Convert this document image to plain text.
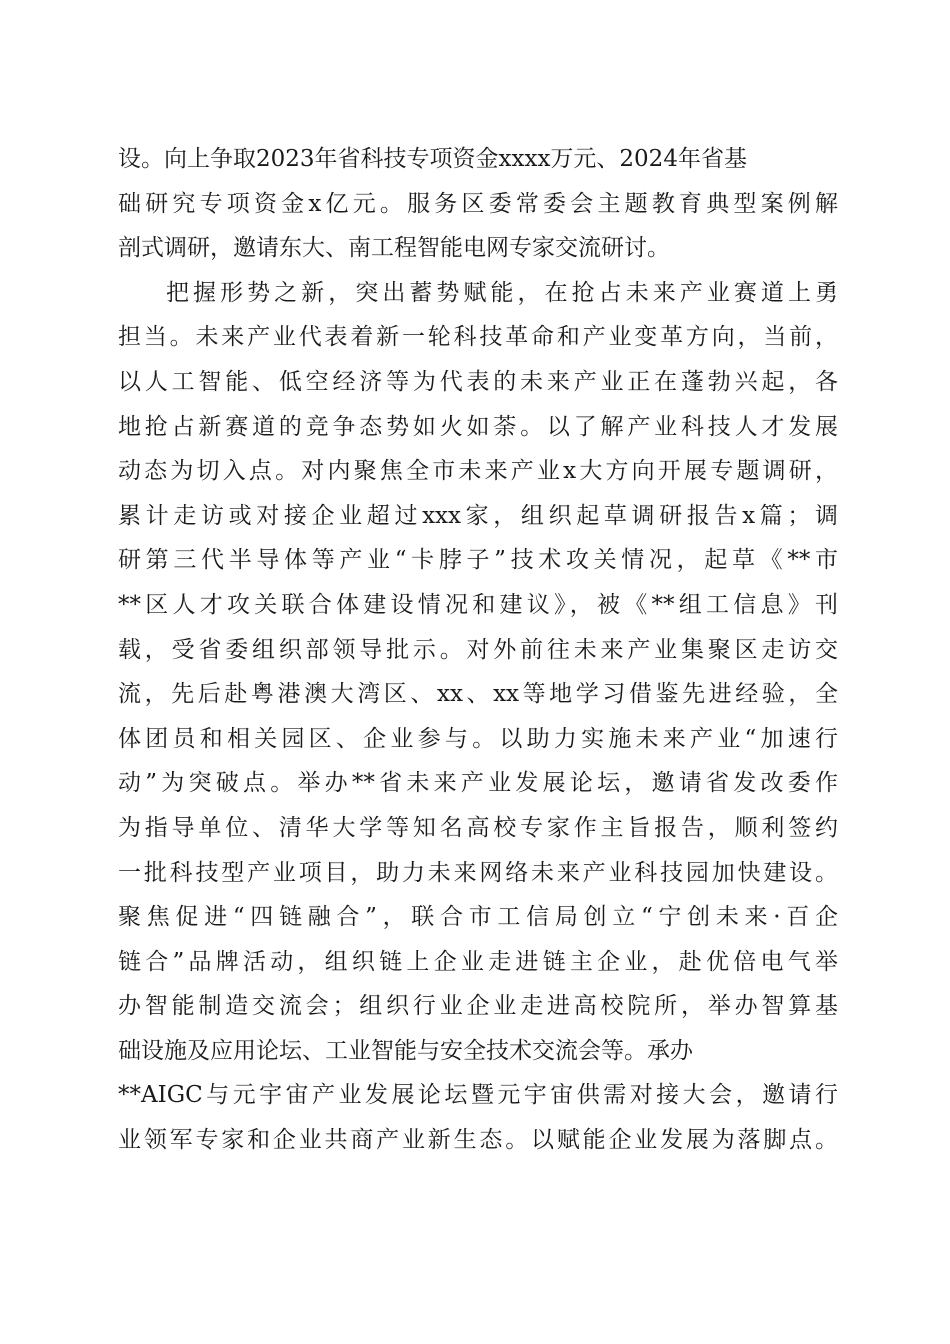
设。向上争取2023年省科技专项资金xxxx万元、2024年省基
础研究专项资金x亿元。服务区委常委会主题教育典型案例解
剖式调研，邀请东大、南工程智能电网专家交流研讨。
把握形势之新，突出蓄势赋能，在抢占未来产业赛道上勇
担当。未来产业代表着新一轮科技革命和产业变革方向，当前，
以人工智能、低空经济等为代表的未来产业正在蓬勃兴起，各
地抢占新赛道的竞争态势如火如荼。以了解产业科技人才发展
动态为切入点。对内聚焦全市未来产业x大方向开展专题调研，
累计走访或对接企业超过xxx家，组织起草调研报告x篇；调
研第三代半导体等产业“卡脖子”技术攻关情况，起草《**市
**区人才攻关联合体建设情况和建议》，被《**组工信息》刊
载，受省委组织部领导批示。对外前往未来产业集聚区走访交
流，先后赴粤港澳大湾区、xx、xx等地学习借鉴先进经验，全
体团员和相关园区、企业参与。以助力实施未来产业“加速行
动”为突破点。举办**省未来产业发展论坛，邀请省发改委作
为指导单位、清华大学等知名高校专家作主旨报告，顺利签约
一批科技型产业项目，助力未来网络未来产业科技园加快建设。
聚焦促进“四链融合”，联合市工信局创立“宁创未来·百企
链合”品牌活动，组织链上企业走进链主企业，赴优倍电气举
办智能制造交流会；组织行业企业走进高校院所，举办智算基
础设施及应用论坛、工业智能与安全技术交流会等。承办
**AIGC与元宇宙产业发展论坛暨元宇宙供需对接大会，邀请行
业领军专家和企业共商产业新生态。以赋能企业发展为落脚点。
